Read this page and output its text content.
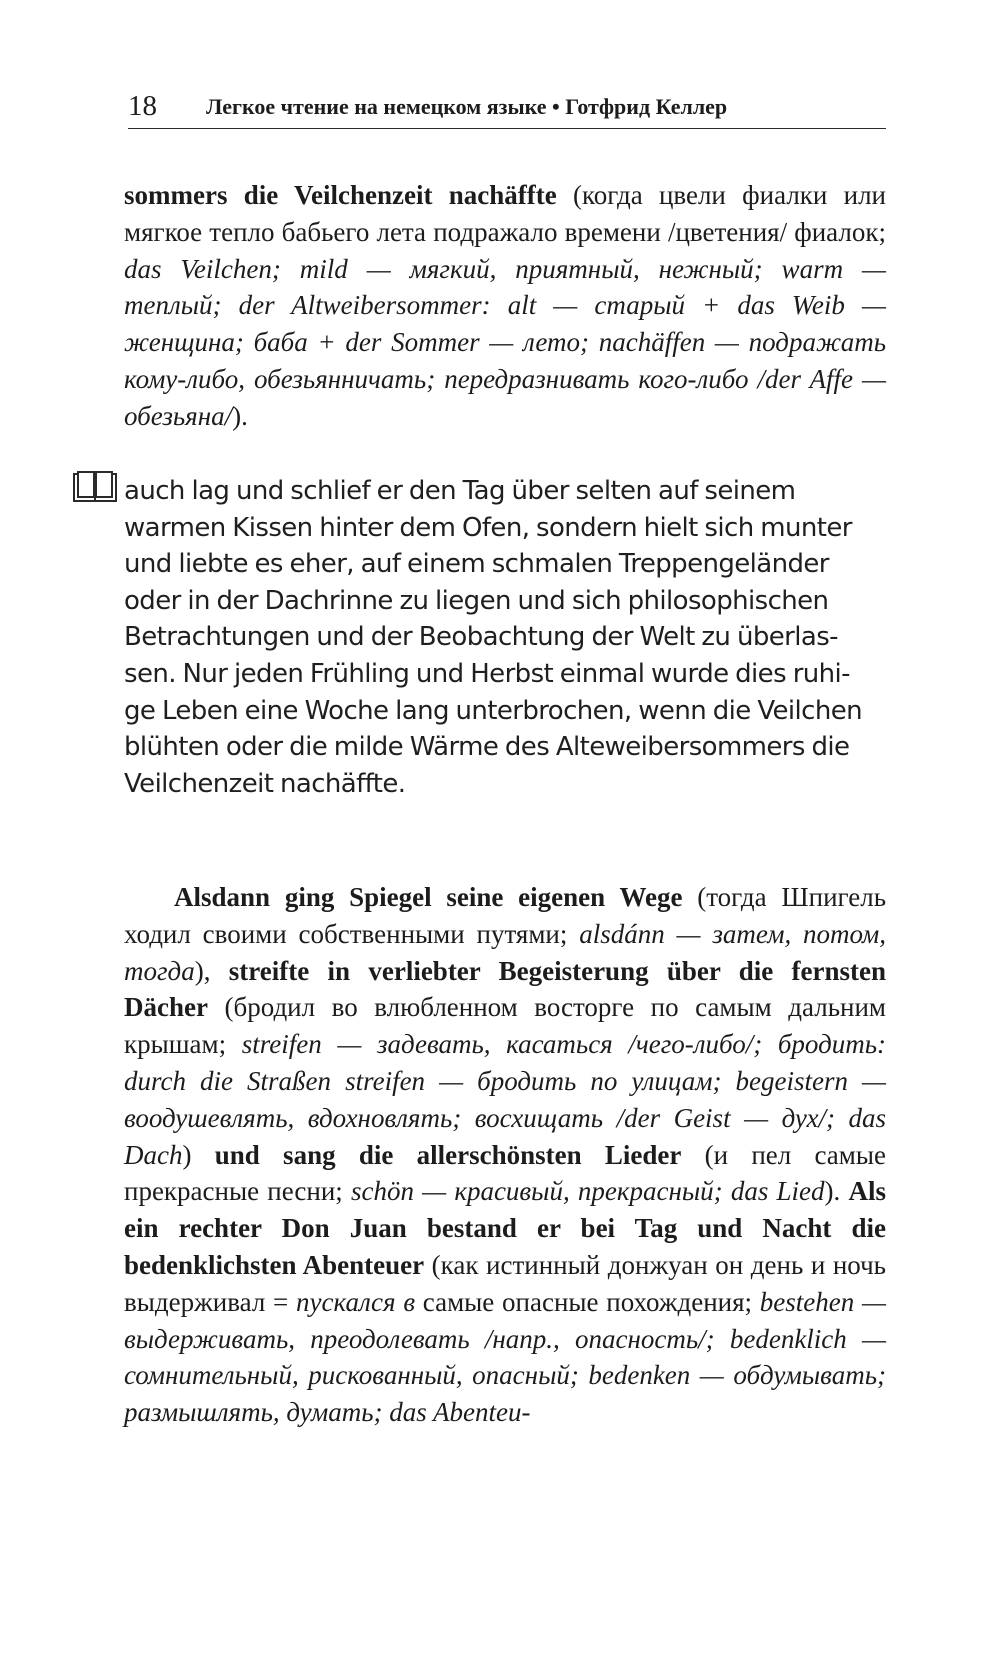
18 Легкое чтение на немецком языке • Готфрид Келлер

sommers die Veilchenzeit nachäffte (когда цвели фиалки или мягкое тепло бабьего лета подражало времени /цветения/ фиалок; das Veilchen; mild — мягкий, приятный, нежный; warm — теплый; der Altweibersommer: alt — старый + das Weib — женщина; баба + der Sommer — лето; nachäffen — подражать кому-либо, обезьянничать; передразнивать кого-либо /der Affe — обезьяна/).

auch lag und schlief er den Tag über selten auf seinem
warmen Kissen hinter dem Ofen, sondern hielt sich munter
und liebte es eher, auf einem schmalen Treppengeländer
oder in der Dachrinne zu liegen und sich philosophischen
Betrachtungen und der Beobachtung der Welt zu überlas-
sen. Nur jeden Frühling und Herbst einmal wurde dies ruhi-
ge Leben eine Woche lang unterbrochen, wenn die Veilchen
blühten oder die milde Wärme des Alteweibersommers die
Veilchenzeit nachäffte.

Alsdann ging Spiegel seine eigenen Wege (тогда Шпигель ходил своими собственными путями; alsdánn — затем, потом, тогда), streifte in verliebter Begeisterung über die fernsten Dächer (бродил во влюбленном восторге по самым дальним крышам; streifen — задевать, касаться /чего-либо/; бродить: durch die Straßen streifen — бродить по улицам; begeistern — воодушевлять, вдохновлять; восхищать /der Geist — дух/; das Dach) und sang die allerschönsten Lieder (и пел самые прекрасные песни; schön — красивый, прекрасный; das Lied). Als ein rechter Don Juan bestand er bei Tag und Nacht die bedenklichsten Abenteuer (как истинный донжуан он день и ночь выдерживал = пускался в самые опасные похождения; bestehen — выдерживать, преодолевать /напр., опасность/; bedenklich — сомнительный, рискованный, опасный; bedenken — обдумывать; размышлять, думать; das Abenteu-
